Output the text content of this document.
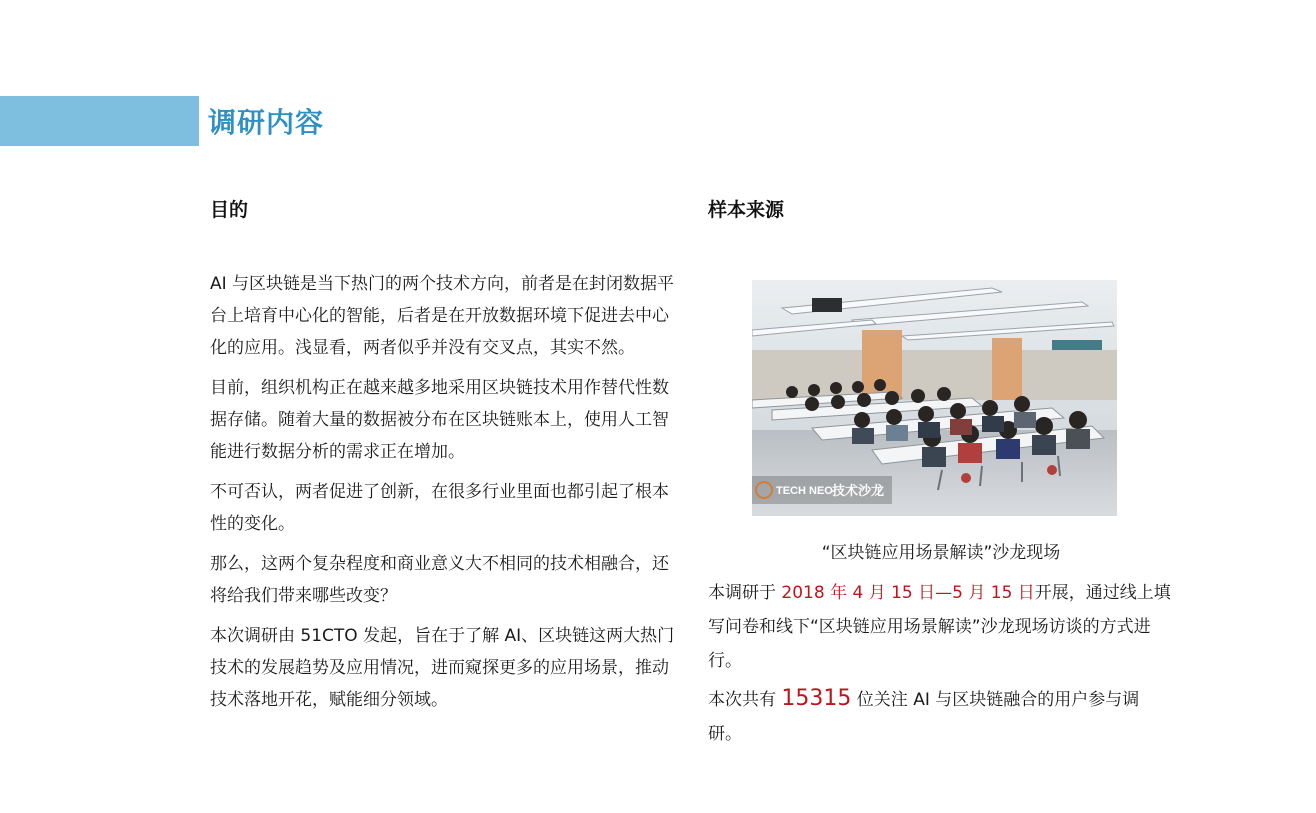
调研内容
目的	样本来源

AI 与区块链是当下热门的两个技术方向，前者是在封闭数据平台上培育中心化的智能，后者是在开放数据环境下促进去中心化的应用。浅显看，两者似乎并没有交叉点，其实不然。

目前，组织机构正在越来越多地采用区块链技术用作替代性数据存储。随着大量的数据被分布在区块链账本上，使用人工智能进行数据分析的需求正在增加。

不可否认，两者促进了创新，在很多行业里面也都引起了根本性的变化。

那么，这两个复杂程度和商业意义大不相同的技术相融合，还将给我们带来哪些改变？

本次调研由 51CTO 发起，旨在于了解 AI、区块链这两大热门技术的发展趋势及应用情况，进而窥探更多的应用场景，推动技术落地开花，赋能细分领域。

TECH NEO 技术沙龙
“区块链应用场景解读”沙龙现场

本调研于 2018 年 4 月 15 日—5 月 15 日开展，通过线上填写问卷和线下“区块链应用场景解读”沙龙现场访谈的方式进行。

本次共有 15315 位关注 AI 与区块链融合的用户参与调研。
